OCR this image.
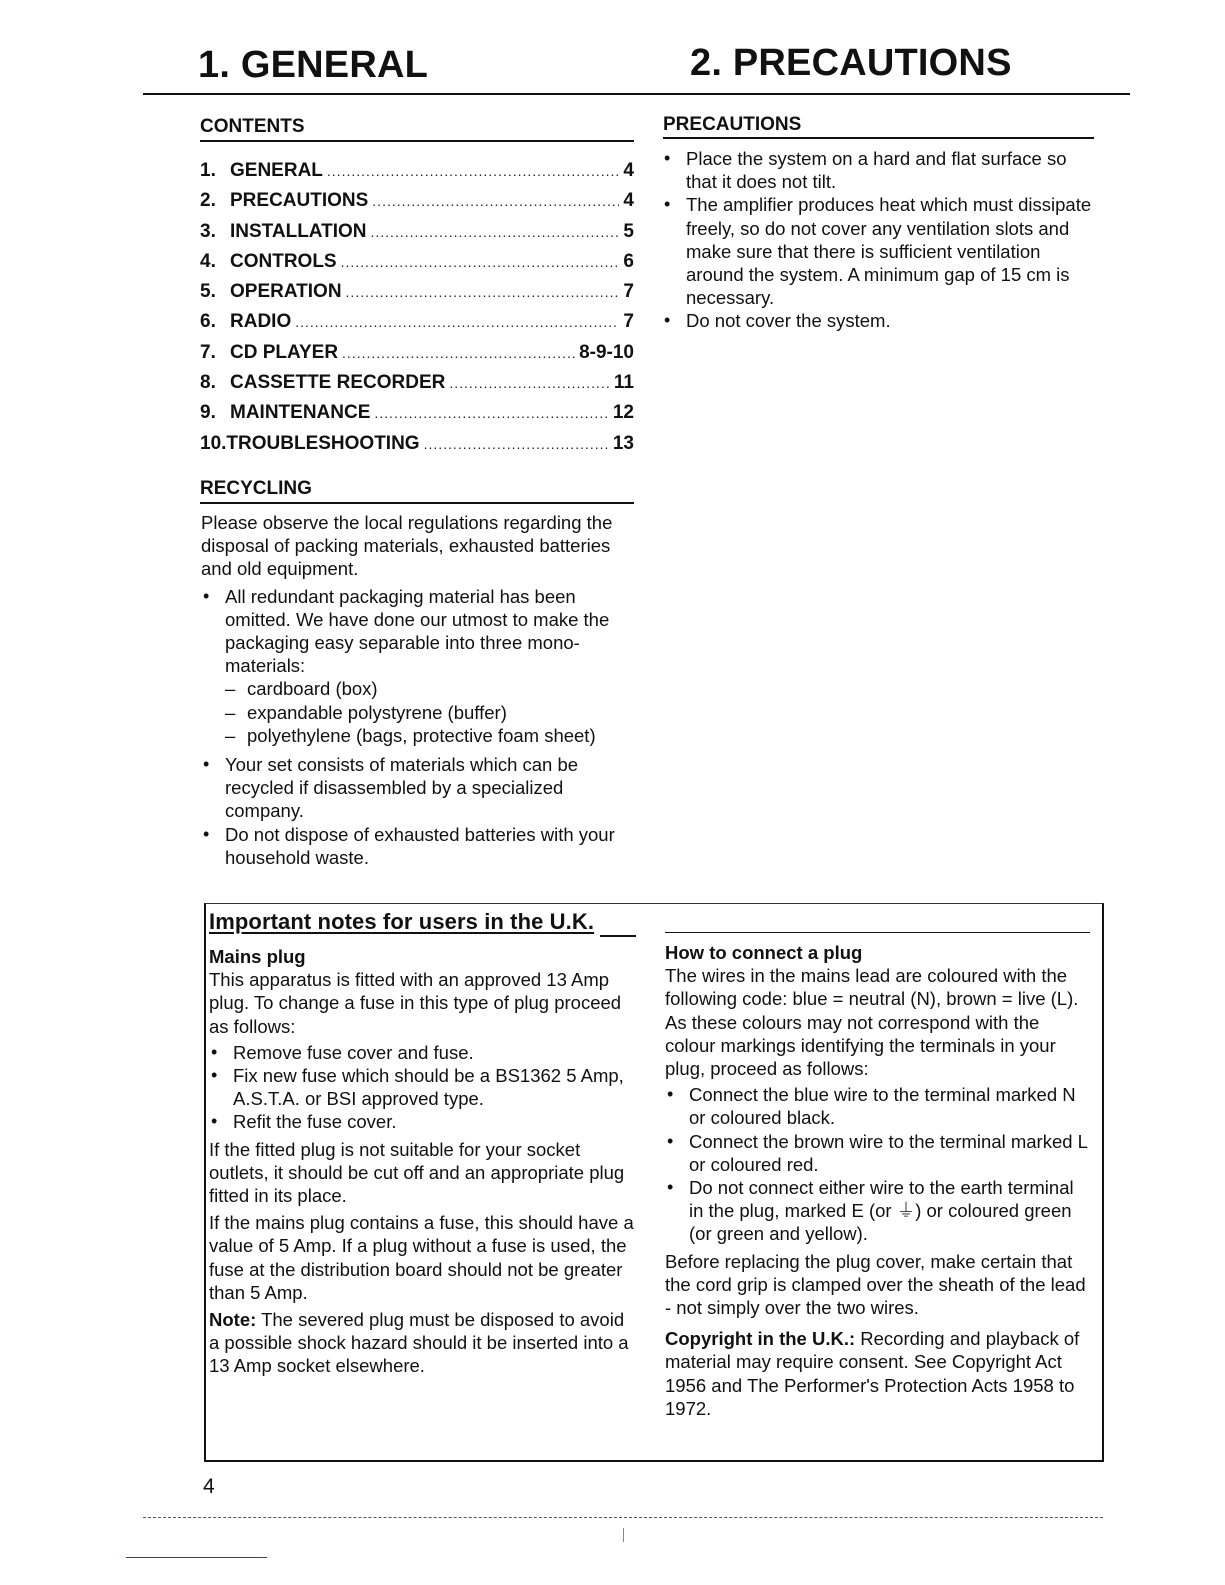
1. GENERAL	2. PRECAUTIONS
CONTENTS
1. GENERAL .....	4
2. PRECAUTIONS .....	4
3. INSTALLATION .....	5
4. CONTROLS .....	6
5. OPERATION .....	7
6. RADIO .....	7
7. CD PLAYER .....	8-9-10
8. CASSETTE RECORDER .....	11
9. MAINTENANCE .....	12
10. TROUBLESHOOTING .....	13
RECYCLING

Please observe the local regulations regarding the disposal of packing materials, exhausted batteries and old equipment.

• All redundant packaging material has been omitted. We have done our utmost to make the packaging easy separable into three mono-materials:
– cardboard (box)
– expandable polystyrene (buffer)
– polyethylene (bags, protective foam sheet)
• Your set consists of materials which can be recycled if disassembled by a specialized company.
• Do not dispose of exhausted batteries with your household waste.
PRECAUTIONS
• Place the system on a hard and flat surface so that it does not tilt.
• The amplifier produces heat which must dissipate freely, so do not cover any ventilation slots and make sure that there is sufficient ventilation around the system. A minimum gap of 15 cm is necessary.
• Do not cover the system.
Important notes for users in the U.K.
Mains plug

This apparatus is fitted with an approved 13 Amp plug. To change a fuse in this type of plug proceed as follows:

• Remove fuse cover and fuse.
• Fix new fuse which should be a BS1362 5 Amp, A.S.T.A. or BSI approved type.
• Refit the fuse cover.

If the fitted plug is not suitable for your socket outlets, it should be cut off and an appropriate plug fitted in its place.

If the mains plug contains a fuse, this should have a value of 5 Amp. If a plug without a fuse is used, the fuse at the distribution board should not be greater than 5 Amp.

Note: The severed plug must be disposed to avoid a possible shock hazard should it be inserted into a 13 Amp socket elsewhere.

How to connect a plug

The wires in the mains lead are coloured with the following code: blue = neutral (N), brown = live (L).

As these colours may not correspond with the colour markings identifying the terminals in your plug, proceed as follows:

• Connect the blue wire to the terminal marked N or coloured black.
• Connect the brown wire to the terminal marked L or coloured red.
• Do not connect either wire to the earth terminal in the plug, marked E (or ⏚) or coloured green (or green and yellow).

Before replacing the plug cover, make certain that the cord grip is clamped over the sheath of the lead - not simply over the two wires.

Copyright in the U.K.: Recording and playback of material may require consent. See Copyright Act 1956 and The Performer's Protection Acts 1958 to 1972.

4
